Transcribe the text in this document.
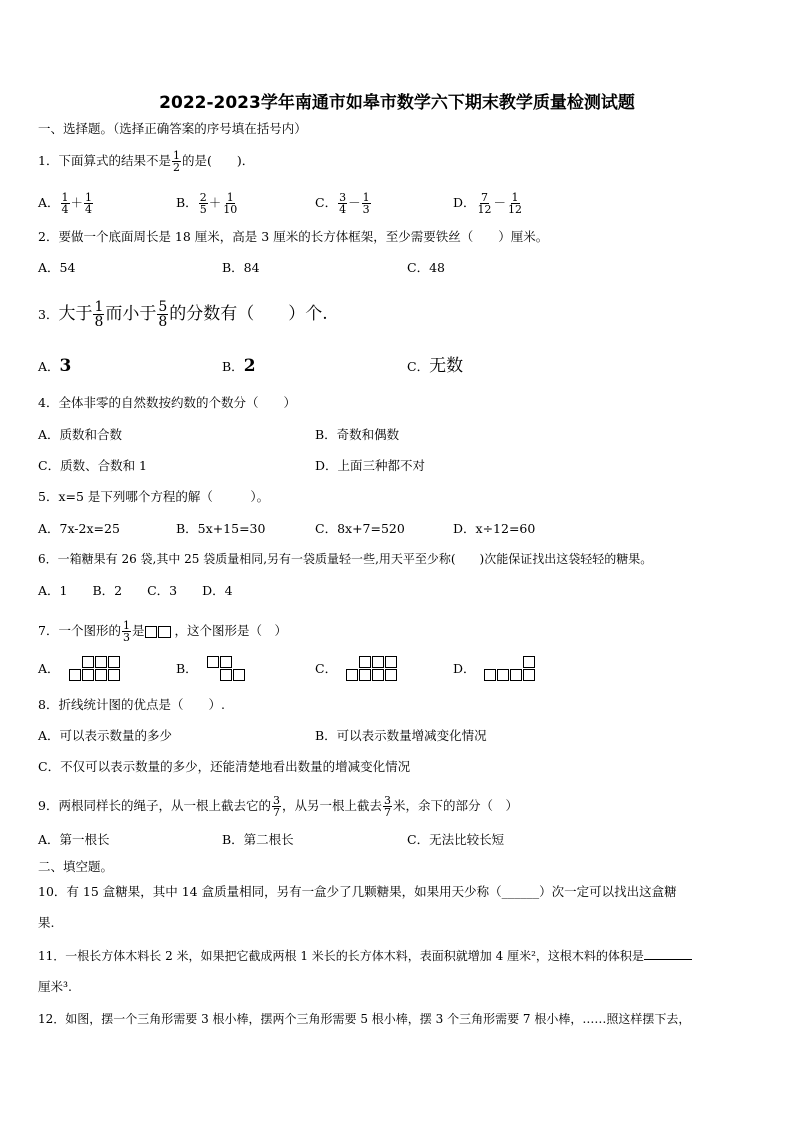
2022-2023学年南通市如皋市数学六下期末教学质量检测试题
一、选择题。（选择正确答案的序号填在括号内）
1．下面算式的结果不是 $\frac{1}{2}$ 的是(　　)．
A． $\frac{1}{4} + \frac{1}{4}$	B． $\frac{2}{5} + \frac{1}{10}$	C． $\frac{3}{4} - \frac{1}{3}$	D． $\frac{7}{12} - \frac{1}{12}$
2．要做一个底面周长是 18 厘米，高是 3 厘米的长方体框架，至少需要铁丝（　　）厘米。
A．54	B．84	C．48
3．大于 $\frac{1}{8}$ 而小于 $\frac{5}{8}$ 的分数有（　　）个.
A．3	B．2	C．无数
4．全体非零的自然数按约数的个数分（　　）
A．质数和合数	B．奇数和偶数
C．质数、合数和 1	D．上面三种都不对
5．x=5 是下列哪个方程的解（　　　）。
A．7x-2x=25	B．5x+15=30	C．8x+7=520	D．x÷12=60
6．一箱糖果有 26 袋,其中 25 袋质量相同,另有一袋质量轻一些,用天平至少称(　　)次能保证找出这袋轻轻的糖果。
A．1　　B．2　　C．3　　D．4
7．一个图形的 $\frac{1}{3}$ 是 ，这个图形是（　）
A．	B．	C．	D．
8．折线统计图的优点是（　　）.
A．可以表示数量的多少	B．可以表示数量增减变化情况
C．不仅可以表示数量的多少，还能清楚地看出数量的增减变化情况
9．两根同样长的绳子，从一根上截去它的 $\frac{3}{7}$ ，从另一根上截去 $\frac{3}{7}$ 米，余下的部分（　）
A．第一根长	B．第二根长	C．无法比较长短
二、填空题。
10．有 15 盒糖果，其中 14 盒质量相同，另有一盒少了几颗糖果，如果用天少称（______）次一定可以找出这盒糖
果.
11．一根长方体木料长 2 米，如果把它截成两根 1 米长的长方体木料，表面积就增加 4 厘米²，这根木料的体积是
厘米³.
12．如图，摆一个三角形需要 3 根小棒，摆两个三角形需要 5 根小棒，摆 3 个三角形需要 7 根小棒，……照这样摆下去，
